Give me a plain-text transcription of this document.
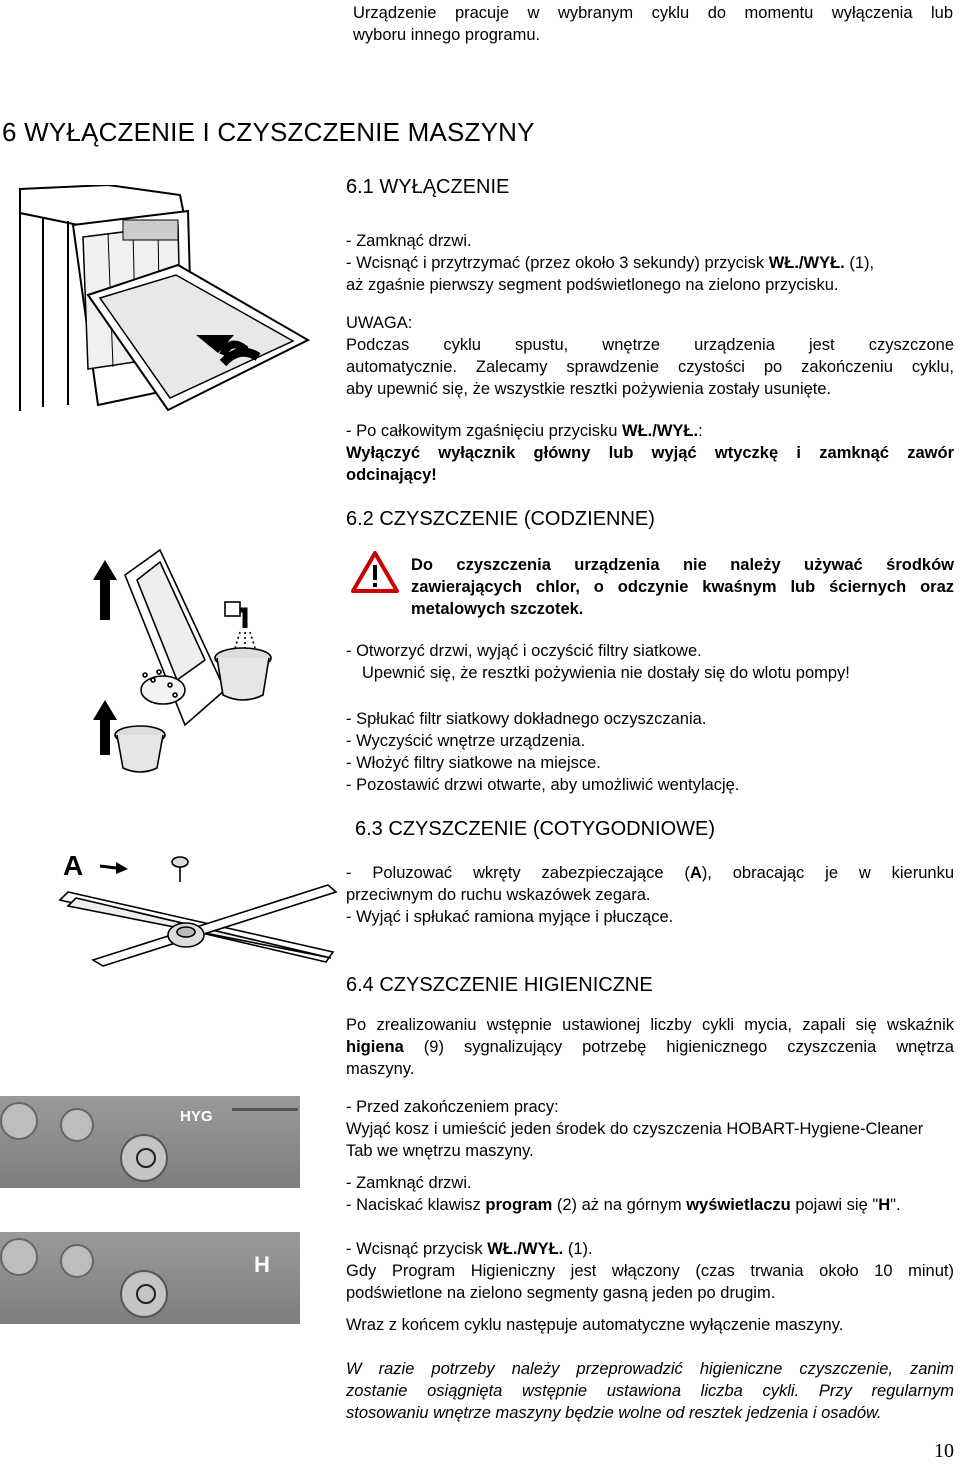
Urządzenie pracuje w wybranym cyklu do momentu wyłączenia lub
wyboru innego programu.
6 WYŁĄCZENIE I CZYSZCZENIE MASZYNY
6.1 WYŁĄCZENIE
- Zamknąć drzwi.
- Wcisnąć i przytrzymać (przez około 3 sekundy) przycisk WŁ./WYŁ. (1),
aż zgaśnie pierwszy segment podświetlonego na zielono przycisku.
UWAGA:
Podczas cyklu spustu, wnętrze urządzenia jest czyszczone
automatycznie. Zalecamy sprawdzenie czystości po zakończeniu cyklu,
aby upewnić się, że wszystkie resztki pożywienia zostały usunięte.
- Po całkowitym zgaśnięciu przycisku WŁ./WYŁ.:
Wyłączyć wyłącznik główny lub wyjąć wtyczkę i zamknąć zawór
odcinający!
6.2 CZYSZCZENIE (CODZIENNE)
Do czyszczenia urządzenia nie należy używać środków
zawierających chlor, o odczynie kwaśnym lub ściernych oraz
metalowych szczotek.
- Otworzyć drzwi, wyjąć i oczyścić filtry siatkowe.
Upewnić się, że resztki pożywienia nie dostały się do wlotu pompy!
- Spłukać filtr siatkowy dokładnego oczyszczania.
- Wyczyścić wnętrze urządzenia.
- Włożyć filtry siatkowe na miejsce.
- Pozostawić drzwi otwarte, aby umożliwić wentylację.
6.3 CZYSZCZENIE (COTYGODNIOWE)
A	- Poluzować wkręty zabezpieczające (A), obracając je w kierunku
przeciwnym do ruchu wskazówek zegara.
- Wyjąć i spłukać ramiona myjące i płuczące.
6.4 CZYSZCZENIE HIGIENICZNE
Po zrealizowaniu wstępnie ustawionej liczby cykli mycia, zapali się wskaźnik
higiena (9) sygnalizujący potrzebę higienicznego czyszczenia wnętrza
maszyny.
HYG
H
- Przed zakończeniem pracy:
Wyjąć kosz i umieścić jeden środek do czyszczenia HOBART-Hygiene-Cleaner
Tab we wnętrzu maszyny.
- Zamknąć drzwi.
- Naciskać klawisz program (2) aż na górnym wyświetlaczu pojawi się "H".
- Wcisnąć przycisk WŁ./WYŁ. (1).
Gdy Program Higieniczny jest włączony (czas trwania około 10 minut)
podświetlone na zielono segmenty gasną jeden po drugim.
Wraz z końcem cyklu następuje automatyczne wyłączenie maszyny.
W razie potrzeby należy przeprowadzić higieniczne czyszczenie, zanim
zostanie osiągnięta wstępnie ustawiona liczba cykli. Przy regularnym
stosowaniu wnętrze maszyny będzie wolne od resztek jedzenia i osadów.
10
